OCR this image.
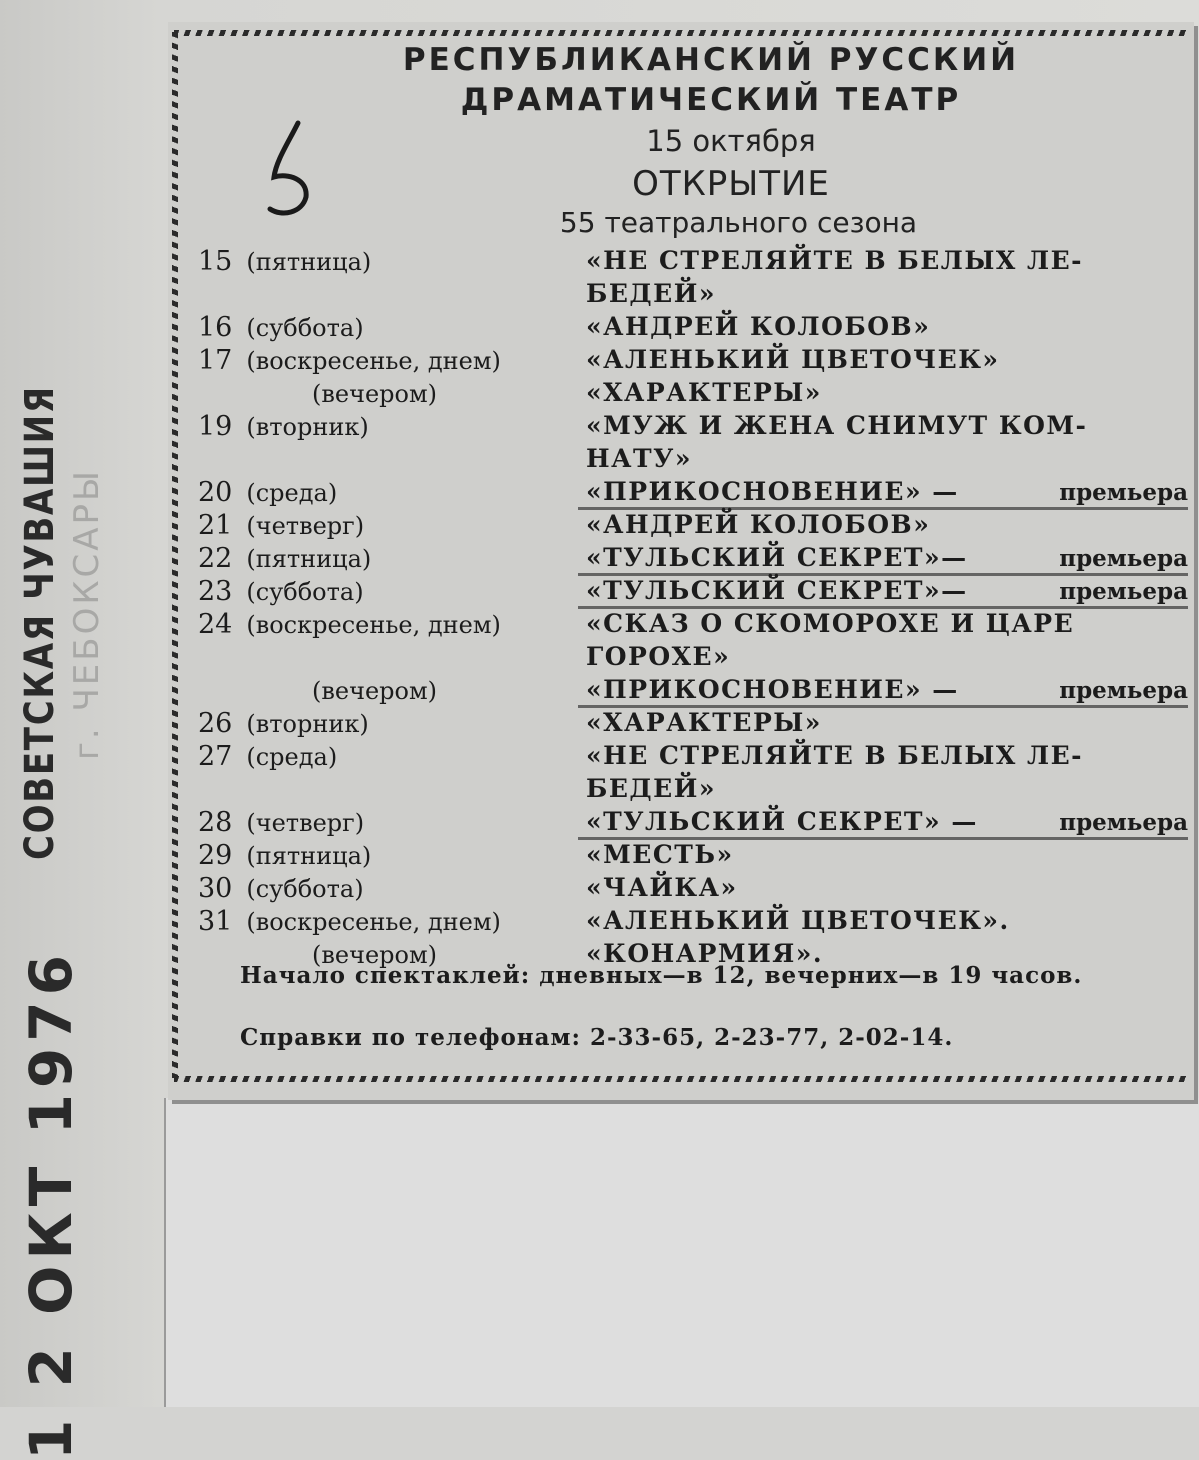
1 2 ОКТ 1976
СОВЕТСКАЯ ЧУВАШИЯ г. ЧЕБОКСАРЫ
РЕСПУБЛИКАНСКИЙ РУССКИЙ
ДРАМАТИЧЕСКИЙ ТЕАТР
15 октября
ОТКРЫТИЕ
55 театрального сезона
15 (пятница)	«НЕ СТРЕЛЯЙТЕ В БЕЛЫХ ЛЕ-
БЕДЕЙ»
16 (суббота)	«АНДРЕЙ КОЛОБОВ»
17 (воскресенье, днем)	«АЛЕНЬКИЙ ЦВЕТОЧЕК»
(вечером)	«ХАРАКТЕРЫ»
19 (вторник)	«МУЖ И ЖЕНА СНИМУТ КОМ-
НАТУ»
20 (среда)	«ПРИКОСНОВЕНИЕ» —	премьера
21 (четверг)	«АНДРЕЙ КОЛОБОВ»
22 (пятница)	«ТУЛЬСКИЙ СЕКРЕТ»—	премьера
23 (суббота)	«ТУЛЬСКИЙ СЕКРЕТ»—	премьера
24 (воскресенье, днем)	«СКАЗ О СКОМОРОХЕ И ЦАРЕ
ГОРОХЕ»
(вечером)	«ПРИКОСНОВЕНИЕ» —	премьера
26 (вторник)	«ХАРАКТЕРЫ»
27 (среда)	«НЕ СТРЕЛЯЙТЕ В БЕЛЫХ ЛЕ-
БЕДЕЙ»
28 (четверг)	«ТУЛЬСКИЙ СЕКРЕТ» —	премьера
29 (пятница)	«МЕСТЬ»
30 (суббота)	«ЧАЙКА»
31 (воскресенье, днем)	«АЛЕНЬКИЙ ЦВЕТОЧЕК».
(вечером)	«КОНАРМИЯ».
Начало спектаклей: дневных—в 12, вечерних—в 19 часов.
Справки по телефонам: 2-33-65, 2-23-77, 2-02-14.
